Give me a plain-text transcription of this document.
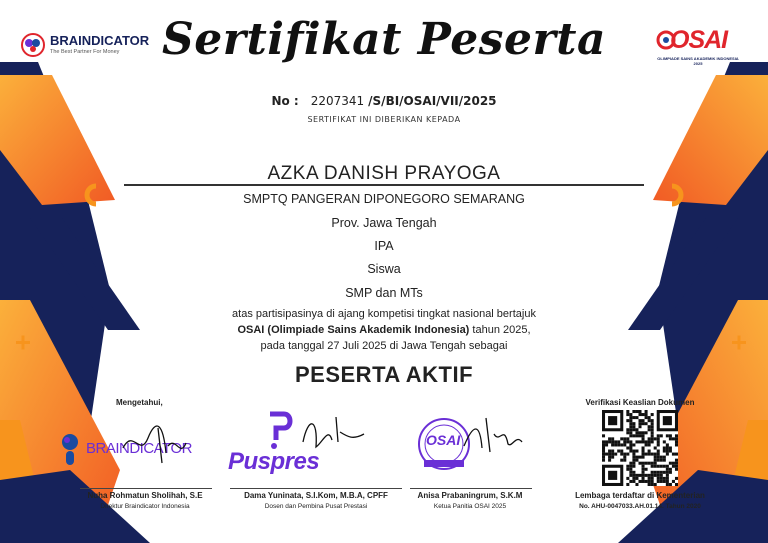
BRAINDICATOR
The Best Partner For Money	OSAI
OLIMPIADE SAINS AKADEMIK INDONESIA 2025
Sertifikat Peserta
No : 2207341 /S/BI/OSAI/VII/2025
SERTIFIKAT INI DIBERIKAN KEPADA
AZKA DANISH PRAYOGA
SMPTQ PANGERAN DIPONEGORO SEMARANG
Prov. Jawa Tengah
IPA
Siswa
SMP dan MTs
atas partisipasinya di ajang kompetisi tingkat nasional bertajuk
OSAI (Olimpiade Sains Akademik Indonesia) tahun 2025,
pada tanggal 27 Juli 2025 di Jawa Tengah sebagai
PESERTA AKTIF
Mengetahui,
BRAINDICATOR
Nuha Rohmatun Sholihah, S.E
Direktur Braindicator Indonesia
Puspres
Dama Yuninata, S.I.Kom, M.B.A, CPFF
Dosen dan Pembina Pusat Prestasi
OSAI
Anisa Prabaningrum, S.K.M
Ketua Panitia OSAI 2025
Verifikasi Keaslian Dokumen
Lembaga terdaftar di Kementerian
No. AHU-0047033.AH.01.14. Tahun 2020
